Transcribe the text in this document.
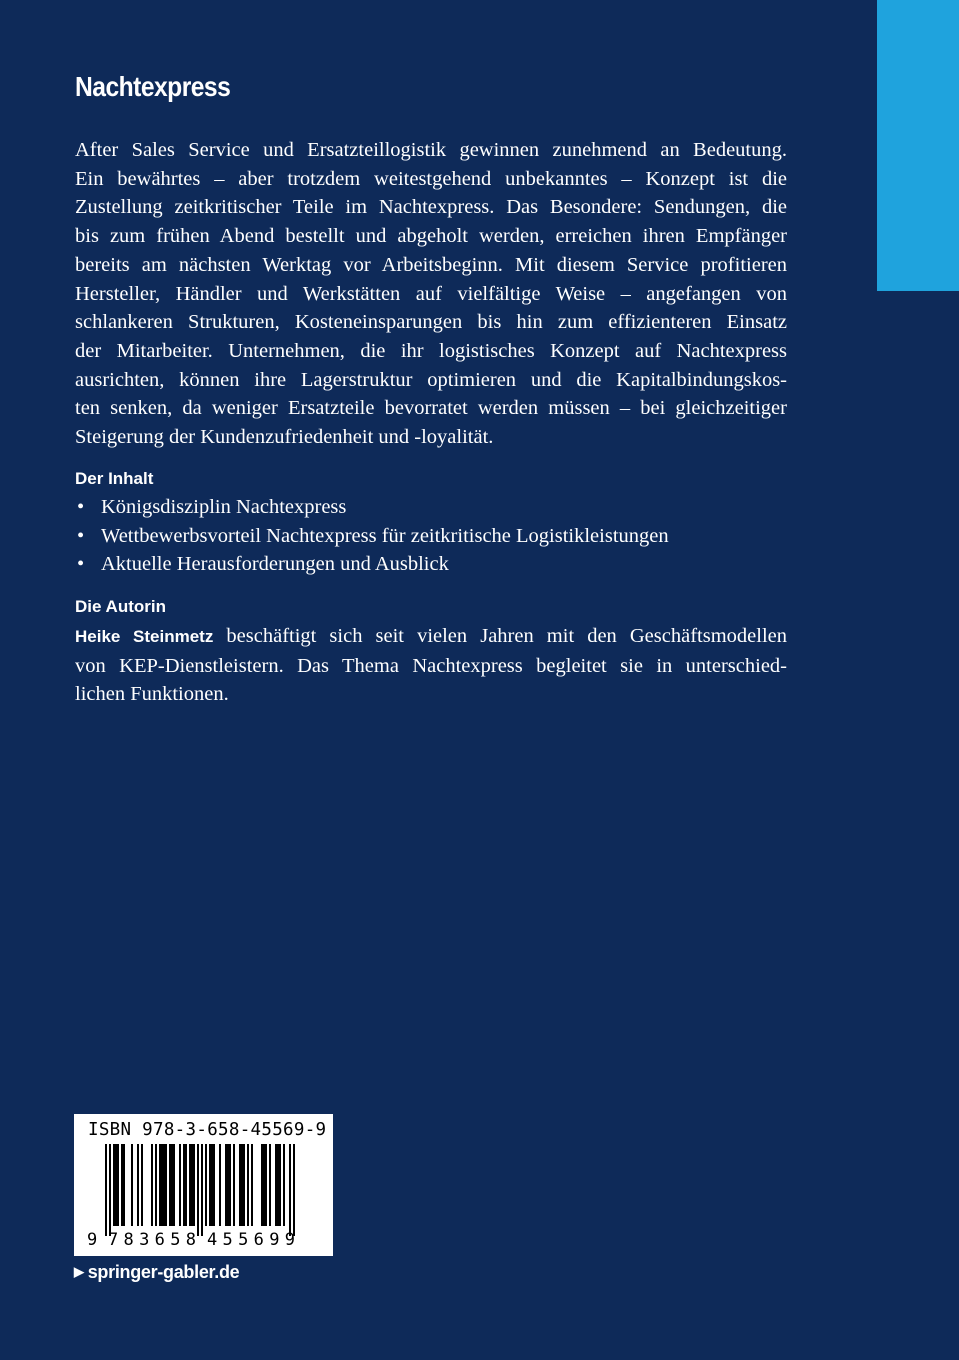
Nachtexpress
After Sales Service und Ersatzteillogistik gewinnen zunehmend an Bedeutung.
Ein bewährtes – aber trotzdem weitestgehend unbekanntes – Konzept ist die
Zustellung zeitkritischer Teile im Nachtexpress. Das Besondere: Sendungen, die
bis zum frühen Abend bestellt und abgeholt werden, erreichen ihren Empfänger
bereits am nächsten Werktag vor Arbeitsbeginn. Mit diesem Service profitieren
Hersteller, Händler und Werkstätten auf vielfältige Weise – angefangen von
schlankeren Strukturen, Kosteneinsparungen bis hin zum effizienteren Einsatz
der Mitarbeiter. Unternehmen, die ihr logistisches Konzept auf Nachtexpress
ausrichten, können ihre Lagerstruktur optimieren und die Kapitalbindungskos-
ten senken, da weniger Ersatzteile bevorratet werden müssen – bei gleichzeitiger
Steigerung der Kundenzufriedenheit und -loyalität.
Der Inhalt
• Königsdisziplin Nachtexpress
• Wettbewerbsvorteil Nachtexpress für zeitkritische Logistikleistungen
• Aktuelle Herausforderungen und Ausblick
Die Autorin
Heike Steinmetz beschäftigt sich seit vielen Jahren mit den Geschäftsmodellen
von KEP-Dienstleistern. Das Thema Nachtexpress begleitet sie in unterschied-
lichen Funktionen.
ISBN 978-3-658-45569-9
9 783658 455699
▶ springer-gabler.de
